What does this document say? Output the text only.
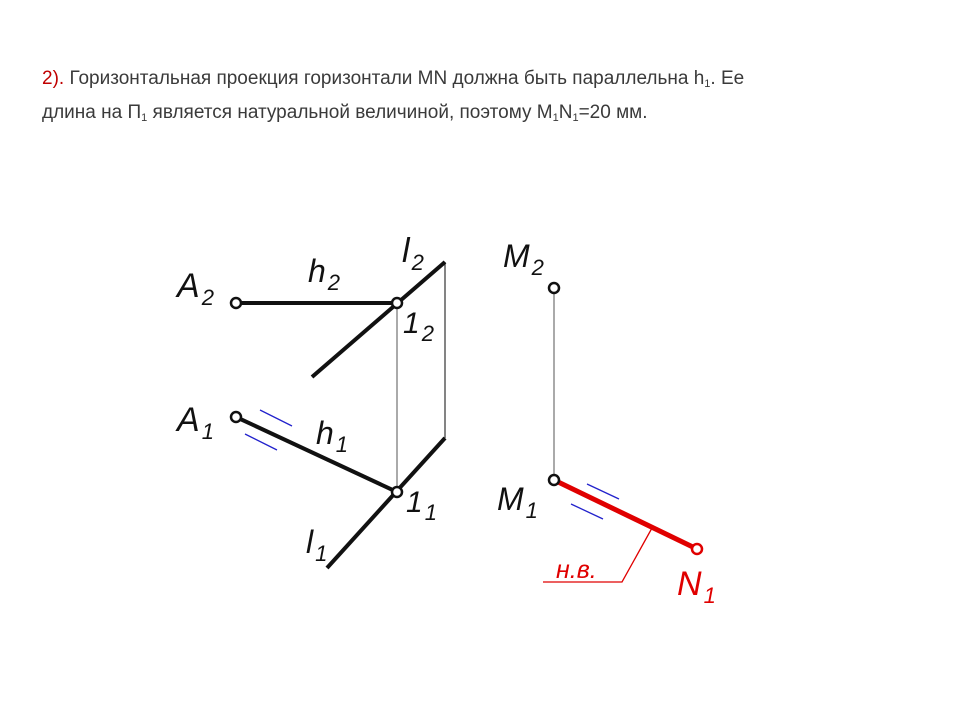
2). Горизонтальная проекция горизонтали MN должна быть параллельна $h_1$. Ее
длина на $П_1$ является натуральной величиной, поэтому $M_1N_1=20$ мм.
$A_2$
$h_2$
$l_2$
$1_2$
$M_2$
$A_1$	$h_1$
$1_1$
$l_1$
$M_1$
$N_1$
н.в.
